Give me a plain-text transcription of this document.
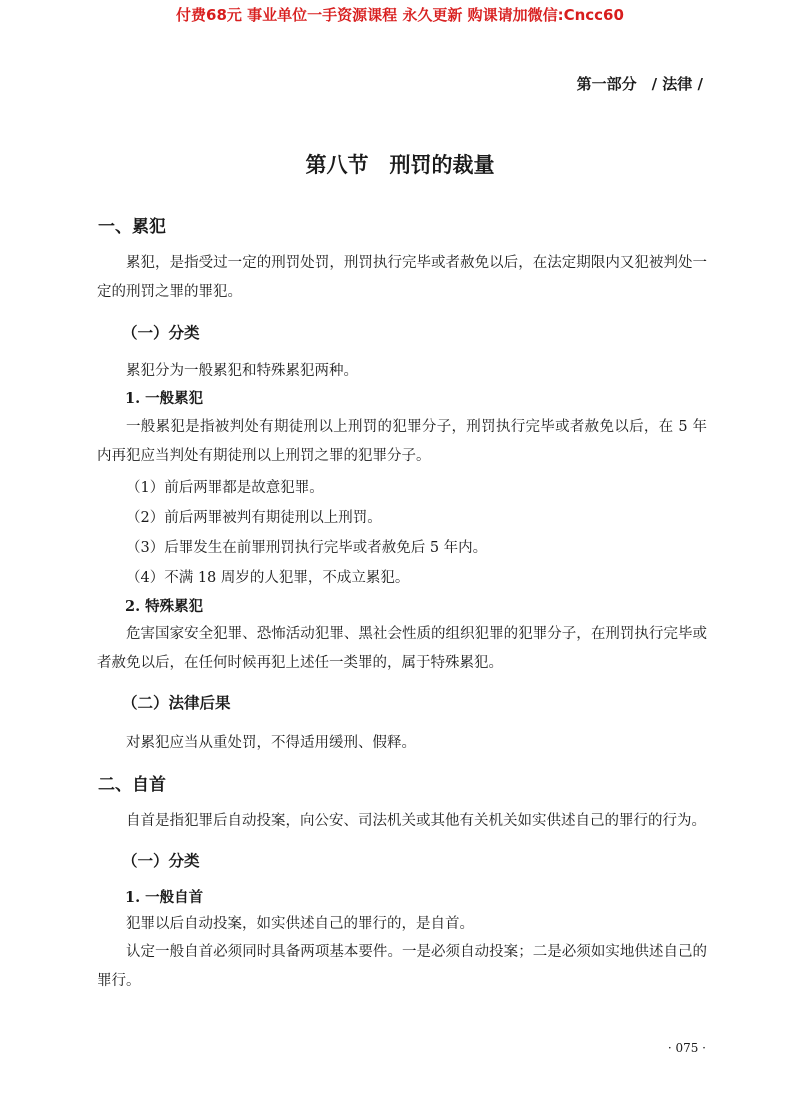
付费68元 事业单位一手资源课程 永久更新 购课请加微信:Cncc60
第一部分　/ 法律 /
第八节　刑罚的裁量
一、累犯
累犯，是指受过一定的刑罚处罚，刑罚执行完毕或者赦免以后，在法定期限内又犯被判处一定的刑罚之罪的罪犯。
（一）分类
累犯分为一般累犯和特殊累犯两种。
1. 一般累犯
一般累犯是指被判处有期徒刑以上刑罚的犯罪分子，刑罚执行完毕或者赦免以后，在 5 年内再犯应当判处有期徒刑以上刑罚之罪的犯罪分子。
（1）前后两罪都是故意犯罪。
（2）前后两罪被判有期徒刑以上刑罚。
（3）后罪发生在前罪刑罚执行完毕或者赦免后 5 年内。
（4）不满 18 周岁的人犯罪，不成立累犯。
2. 特殊累犯
危害国家安全犯罪、恐怖活动犯罪、黑社会性质的组织犯罪的犯罪分子，在刑罚执行完毕或者赦免以后，在任何时候再犯上述任一类罪的，属于特殊累犯。
（二）法律后果
对累犯应当从重处罚，不得适用缓刑、假释。
二、自首
自首是指犯罪后自动投案，向公安、司法机关或其他有关机关如实供述自己的罪行的行为。
（一）分类
1. 一般自首
犯罪以后自动投案，如实供述自己的罪行的，是自首。
认定一般自首必须同时具备两项基本要件。一是必须自动投案；二是必须如实地供述自己的罪行。
· 075 ·
